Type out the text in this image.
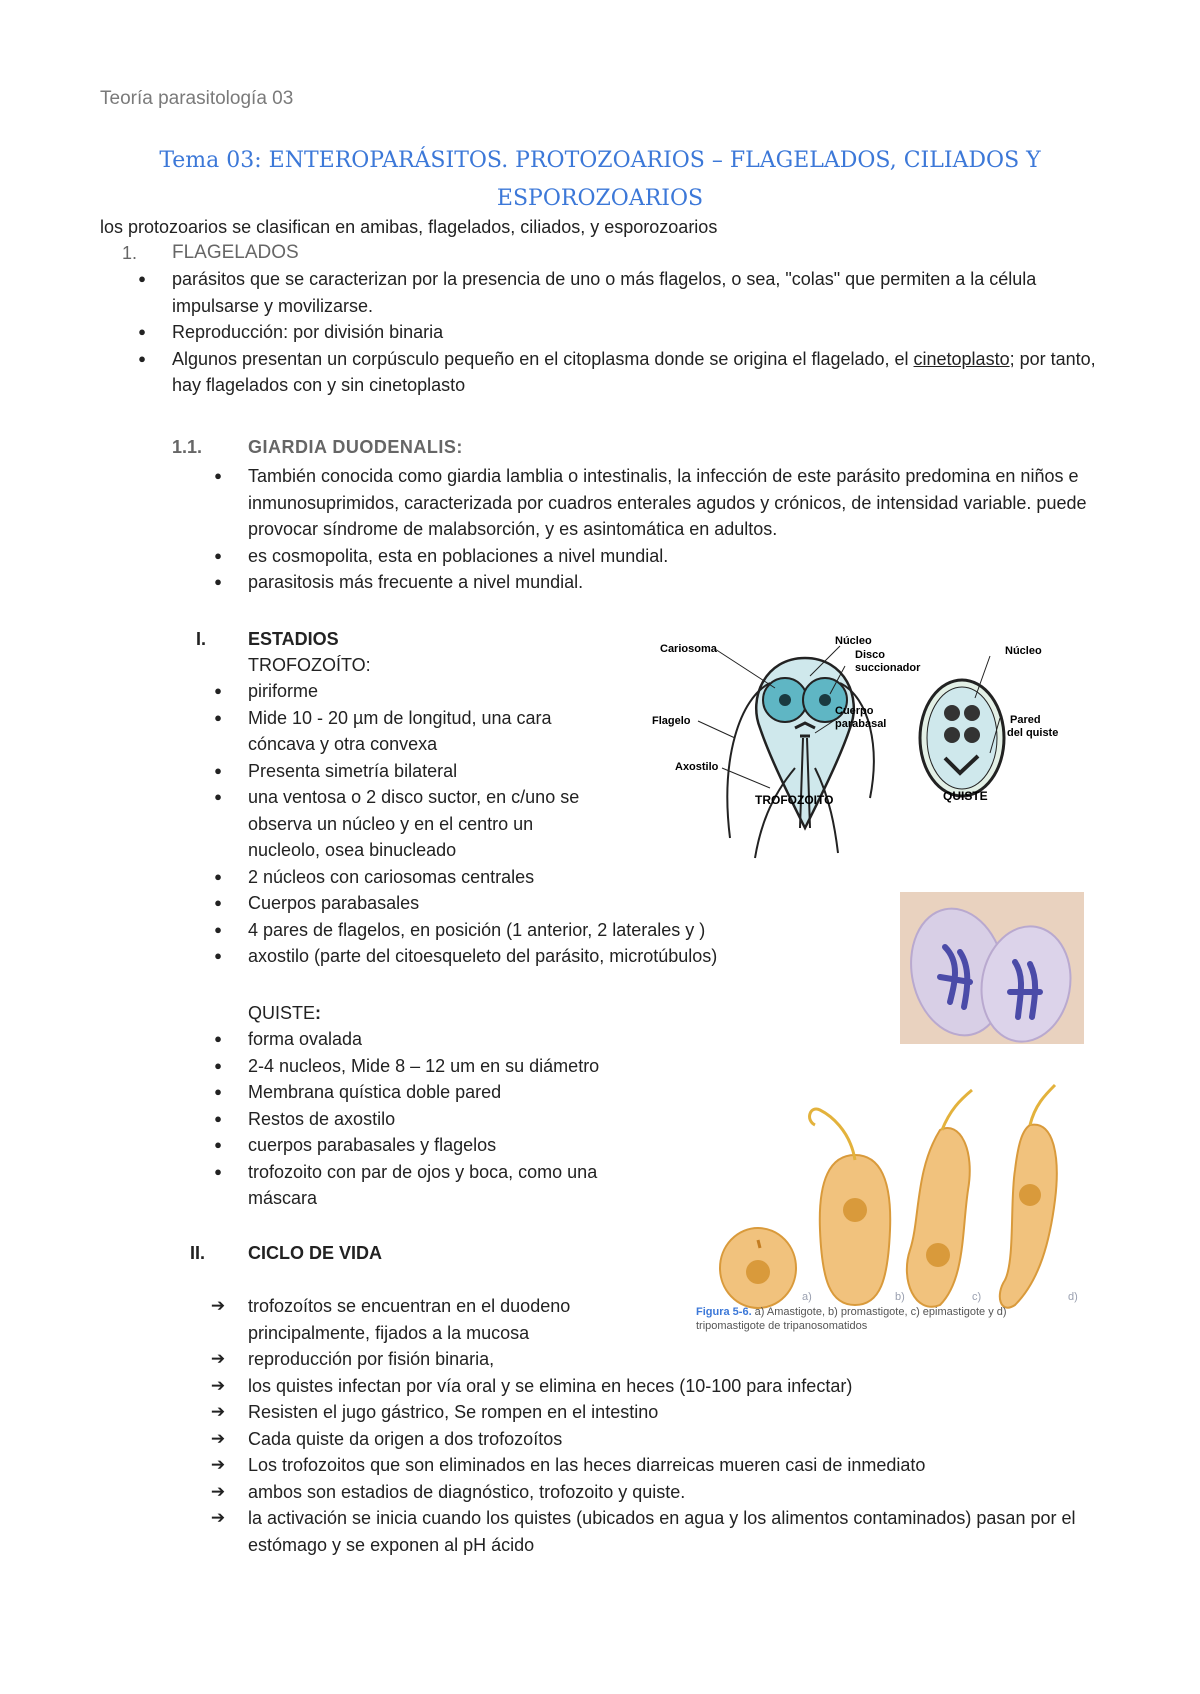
Teoría parasitología 03
Tema 03: ENTEROPARÁSITOS. PROTOZOARIOS – FLAGELADOS, CILIADOS Y
ESPOROZOARIOS
los protozoarios se clasifican en amibas, flagelados, ciliados, y esporozoarios
1. FLAGELADOS
●	parásitos que se caracterizan por la presencia de uno o más flagelos, o sea, "colas" que permiten a la célula impulsarse y movilizarse.
●	Reproducción: por división binaria
●	Algunos presentan un corpúsculo pequeño en el citoplasma donde se origina el flagelado, el cinetoplasto; por tanto, hay flagelados con y sin cinetoplasto
1.1.	GIARDIA DUODENALIS:
●	También conocida como giardia lamblia o intestinalis, la infección de este parásito predomina en niños e inmunosuprimidos, caracterizada por cuadros enterales agudos y crónicos, de intensidad variable. puede provocar síndrome de malabsorción, y es asintomática en adultos.
●	es cosmopolita, esta en poblaciones a nivel mundial.
●	parasitosis más frecuente a nivel mundial.
I. ESTADIOS
TROFOZOÍTO:
●	piriforme
●	Mide 10 - 20 µm de longitud, una cara cóncava y otra convexa
●	Presenta simetría bilateral
●	una ventosa o 2 disco suctor, en c/uno se observa un núcleo y en el centro un nucleolo, osea binucleado
●	2 núcleos con cariosomas centrales
●	Cuerpos parabasales
●	4 pares de flagelos, en posición (1 anterior, 2 laterales y )
●	axostilo (parte del citoesqueleto del parásito, microtúbulos)
QUISTE:
●	forma ovalada
●	2-4 nucleos, Mide 8 – 12 um en su diámetro
●	Membrana quística doble pared
●	Restos de axostilo
●	cuerpos parabasales y flagelos
●	trofozoito con par de ojos y boca, como una máscara
II. CICLO DE VIDA
➔ trofozoítos se encuentran en el duodeno principalmente, fijados a la mucosa
➔ reproducción por fisión binaria,
➔ los quistes infectan por vía oral y se elimina en heces (10-100 para infectar)
➔ Resisten el jugo gástrico, Se rompen en el intestino
➔ Cada quiste da origen a dos trofozoítos
➔ Los trofozoitos que son eliminados en las heces diarreicas mueren casi de inmediato
➔ ambos son estadios de diagnóstico, trofozoito y quiste.
➔ la activación se inicia cuando los quistes (ubicados en agua y los alimentos contaminados) pasan por el estómago y se exponen al pH ácido
Cariosoma
Núcleo
Disco
succionador
Cuerpo
parabasal
Flagelo
Axostilo
Núcleo
Pared
del quiste
TROFOZOITO	QUISTE
a)	b)	c)	d)
Figura 5-6. a) Amastigote, b) promastigote, c) epimastigote y d) tripomastigote de tripanosomatidos
